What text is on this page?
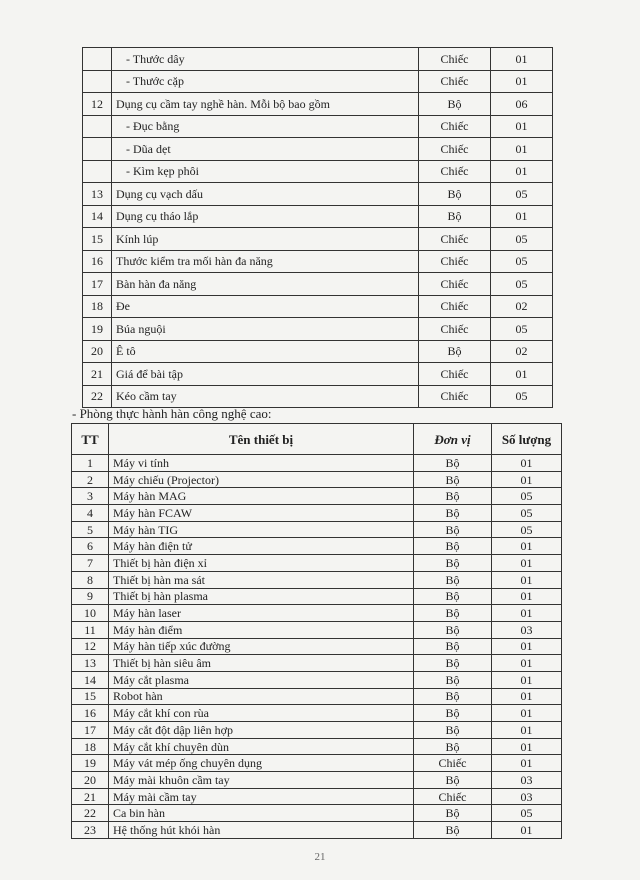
	- Thước dây	Chiếc	01
	- Thước cặp	Chiếc	01
12	Dụng cụ cầm tay nghề hàn. Mỗi bộ bao gồm	Bộ	06
	- Đục bằng	Chiếc	01
	- Dũa dẹt	Chiếc	01
	- Kìm kẹp phôi	Chiếc	01
13	Dụng cụ vạch dấu	Bộ	05
14	Dụng cụ tháo lắp	Bộ	01
15	Kính lúp	Chiếc	05
16	Thước kiểm tra mối hàn đa năng	Chiếc	05
17	Bàn hàn đa năng	Chiếc	05
18	Đe	Chiếc	02
19	Búa nguội	Chiếc	05
20	Ê tô	Bộ	02
21	Giá để bài tập	Chiếc	01
22	Kéo cầm tay	Chiếc	05
- Phòng thực hành hàn công nghệ cao:
TT	Tên thiết bị	Đơn vị	Số lượng
1	Máy vi tính	Bộ	01
2	Máy chiếu (Projector)	Bộ	01
3	Máy hàn MAG	Bộ	05
4	Máy hàn FCAW	Bộ	05
5	Máy hàn TIG	Bộ	05
6	Máy hàn điện tử	Bộ	01
7	Thiết bị hàn điện xỉ	Bộ	01
8	Thiết bị hàn ma sát	Bộ	01
9	Thiết bị hàn plasma	Bộ	01
10	Máy hàn laser	Bộ	01
11	Máy hàn điểm	Bộ	03
12	Máy hàn tiếp xúc đường	Bộ	01
13	Thiết bị hàn siêu âm	Bộ	01
14	Máy cắt plasma	Bộ	01
15	Robot hàn	Bộ	01
16	Máy cắt khí con rùa	Bộ	01
17	Máy cắt đột dập liên hợp	Bộ	01
18	Máy cắt khí chuyên dùn	Bộ	01
19	Máy vát mép ống chuyên dụng	Chiếc	01
20	Máy mài khuôn cầm tay	Bộ	03
21	Máy mài cầm tay	Chiếc	03
22	Ca bin hàn	Bộ	05
23	Hệ thống hút khói hàn	Bộ	01
21
